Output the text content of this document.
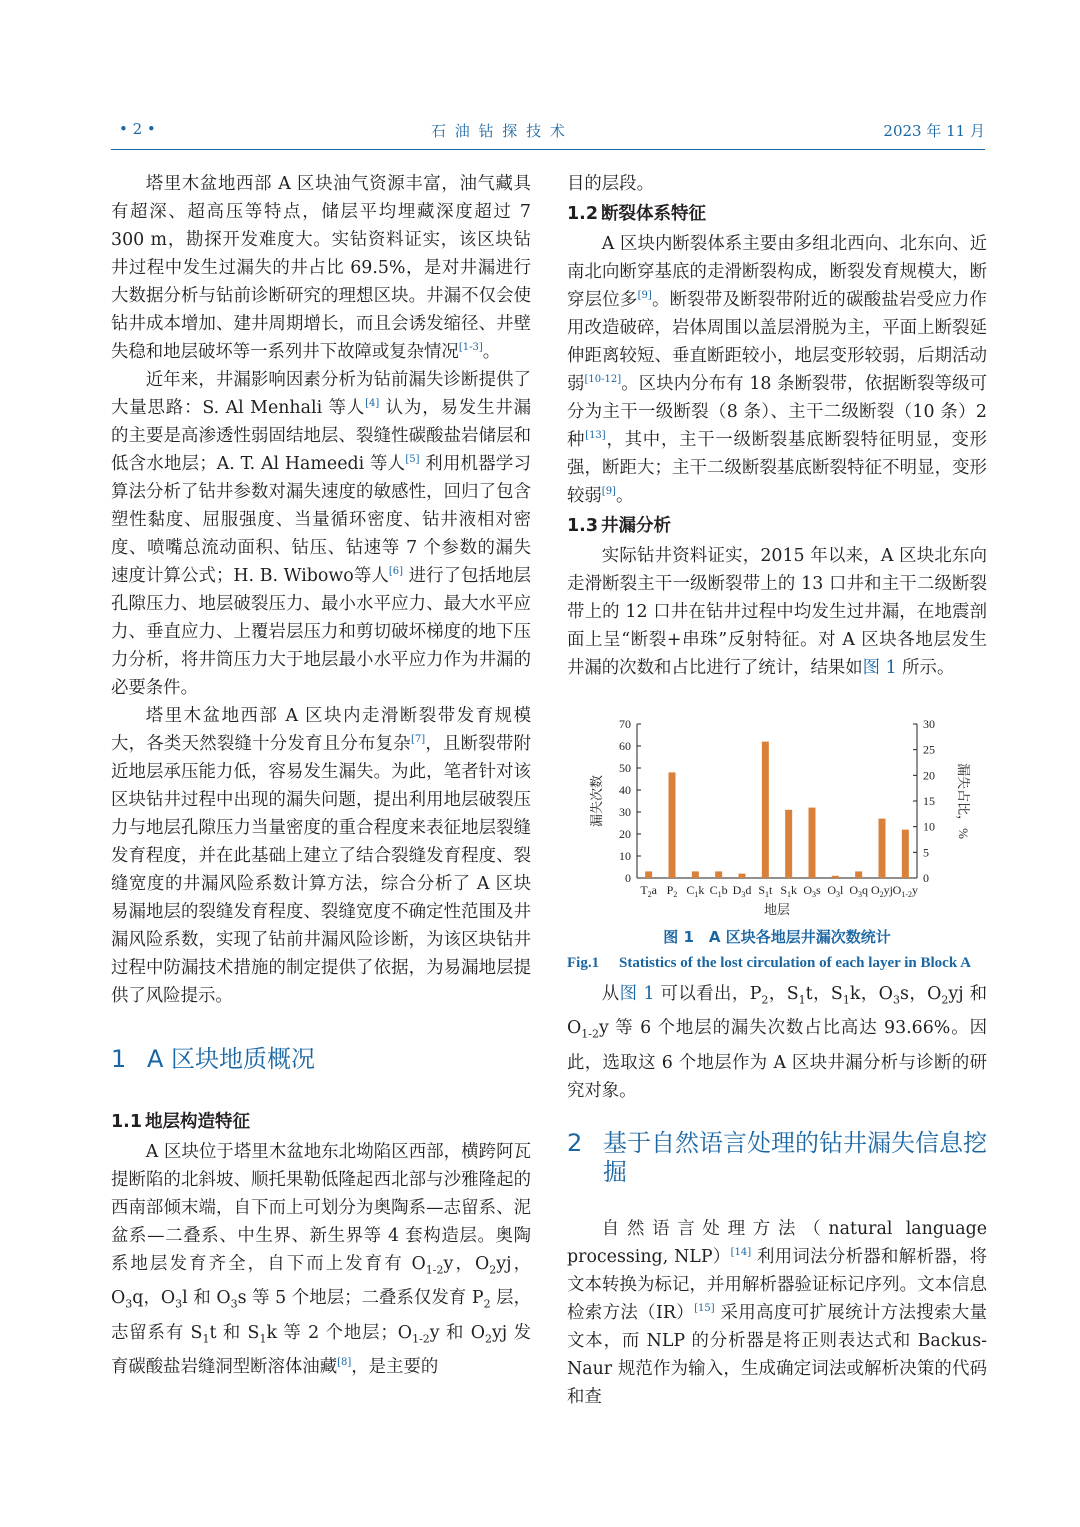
• 2 •	石 油 钻 探 技 术	2023 年 11 月

塔里木盆地西部 A 区块油气资源丰富，油气藏具有超深、超高压等特点，储层平均埋藏深度超过 7 300 m，勘探开发难度大。实钻资料证实，该区块钻井过程中发生过漏失的井占比 69.5%，是对井漏进行大数据分析与钻前诊断研究的理想区块。井漏不仅会使钻井成本增加、建井周期增长，而且会诱发缩径、井壁失稳和地层破坏等一系列井下故障或复杂情况[1-3]。

近年来，井漏影响因素分析为钻前漏失诊断提供了大量思路：S. Al Menhali 等人[4] 认为，易发生井漏的主要是高渗透性弱固结地层、裂缝性碳酸盐岩储层和低含水地层；A. T. Al Hameedi 等人[5] 利用机器学习算法分析了钻井参数对漏失速度的敏感性，回归了包含塑性黏度、屈服强度、当量循环密度、钻井液相对密度、喷嘴总流动面积、钻压、钻速等 7 个参数的漏失速度计算公式；H. B. Wibowo等人[6] 进行了包括地层孔隙压力、地层破裂压力、最小水平应力、最大水平应力、垂直应力、上覆岩层压力和剪切破坏梯度的地下压力分析，将井筒压力大于地层最小水平应力作为井漏的必要条件。

塔里木盆地西部 A 区块内走滑断裂带发育规模大，各类天然裂缝十分发育且分布复杂[7]，且断裂带附近地层承压能力低，容易发生漏失。为此，笔者针对该区块钻井过程中出现的漏失问题，提出利用地层破裂压力与地层孔隙压力当量密度的重合程度来表征地层裂缝发育程度，并在此基础上建立了结合裂缝发育程度、裂缝宽度的井漏风险系数计算方法，综合分析了 A 区块易漏地层的裂缝发育程度、裂缝宽度不确定性范围及井漏风险系数，实现了钻前井漏风险诊断，为该区块钻井过程中防漏技术措施的制定提供了依据，为易漏地层提供了风险提示。

1 A 区块地质概况
1.1 地层构造特征

A 区块位于塔里木盆地东北坳陷区西部，横跨阿瓦提断陷的北斜坡、顺托果勒低隆起西北部与沙雅隆起的西南部倾末端，自下而上可划分为奥陶系—志留系、泥盆系—二叠系、中生界、新生界等 4 套构造层。奥陶系地层发育齐全，自下而上发育有 $O_{1-2}y$，$O_2yj$，$O_3q$，$O_3l$ 和 $O_3s$ 等 5 个地层；二叠系仅发育 $P_2$ 层，志留系有 $S_1t$ 和 $S_1k$ 等 2 个地层；$O_{1-2}y$ 和 $O_2yj$ 发育碳酸盐岩缝洞型断溶体油藏[8]，是主要的

目的层段。

1.2 断裂体系特征

A 区块内断裂体系主要由多组北西向、北东向、近南北向断穿基底的走滑断裂构成，断裂发育规模大，断穿层位多[9]。断裂带及断裂带附近的碳酸盐岩受应力作用改造破碎，岩体周围以盖层滑脱为主，平面上断裂延伸距离较短、垂直断距较小，地层变形较弱，后期活动弱[10-12]。区块内分布有 18 条断裂带，依据断裂等级可分为主干一级断裂（8 条）、主干二级断裂（10 条）2 种[13]，其中，主干一级断裂基底断裂特征明显，变形强，断距大；主干二级断裂基底断裂特征不明显，变形较弱[9]。

1.3 井漏分析

实际钻井资料证实，2015 年以来，A 区块北东向走滑断裂主干一级断裂带上的 13 口井和主干二级断裂带上的 12 口井在钻井过程中均发生过井漏，在地震剖面上呈“断裂+串珠”反射特征。对 A 区块各地层发生井漏的次数和占比进行了统计，结果如图 1 所示。

0
10
20
30
40
50
60
70
0
5
10
15
20
25
30
$T_2a$ $P_2$ $C_1k$ $C_1b$ $D_3d$ $S_1t$ $S_1k$ $O_3s$ $O_3l$ $O_3q$ $O_2yj$ $O_{1-2}y$
地层
漏失次数	漏失占比，%
图 1　A 区块各地层井漏次数统计
Fig.1 Statistics of the lost circulation of each layer in Block A

从图 1 可以看出，$P_2$，$S_1t$，$S_1k$，$O_3s$，$O_2yj$ 和 $O_{1-2}y$ 等 6 个地层的漏失次数占比高达 93.66%。因此，选取这 6 个地层作为 A 区块井漏分析与诊断的研究对象。

2 基于自然语言处理的钻井漏失信息挖掘

自然语言处理方法（natural language processing, NLP）[14] 利用词法分析器和解析器，将文本转换为标记，并用解析器验证标记序列。文本信息检索方法（IR）[15] 采用高度可扩展统计方法搜索大量文本，而 NLP 的分析器是将正则表达式和 Backus-Naur 规范作为输入，生成确定词法或解析决策的代码和查
